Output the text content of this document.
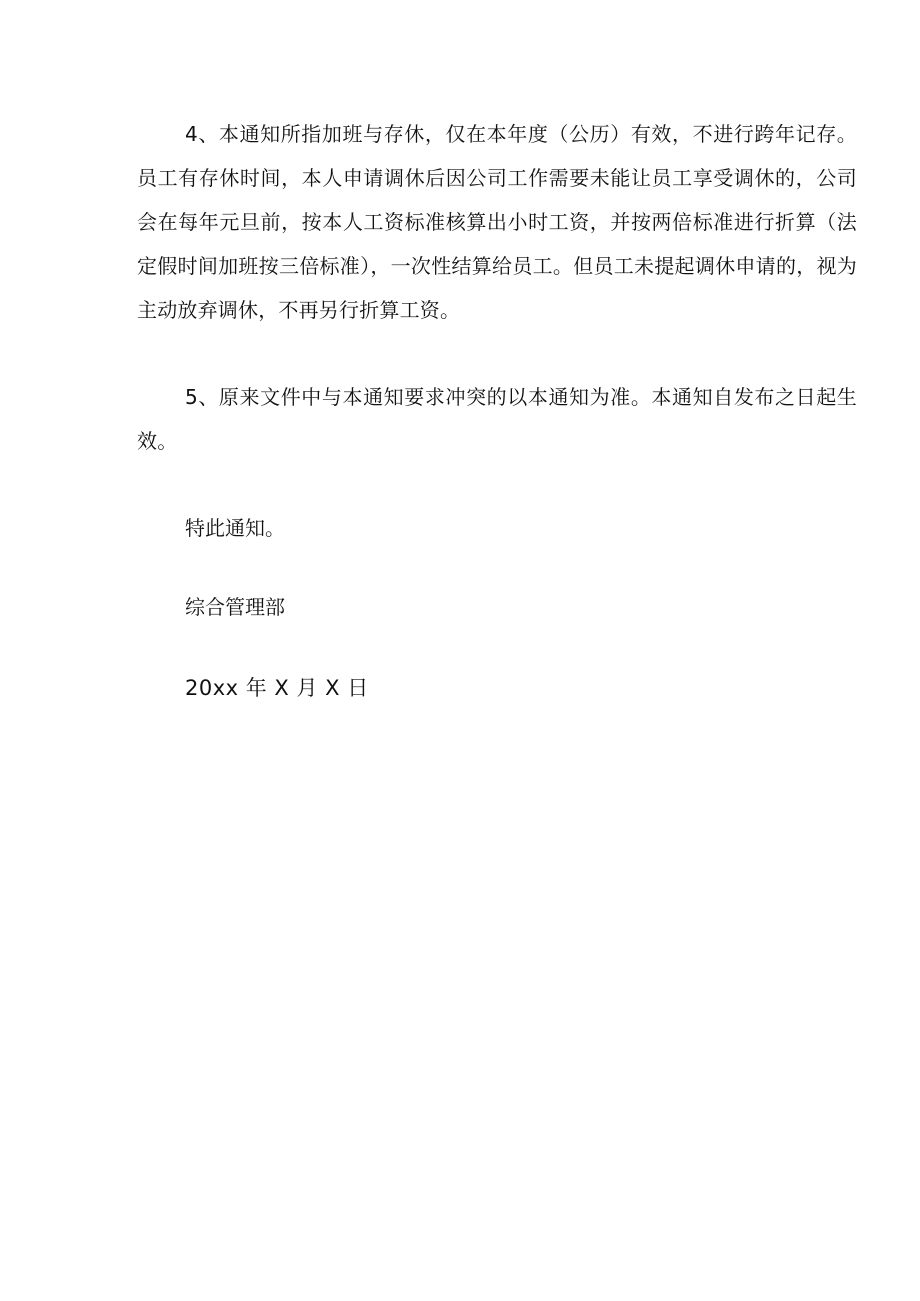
4、本通知所指加班与存休，仅在本年度（公历）有效，不进行跨年记存。员工有存休时间，本人申请调休后因公司工作需要未能让员工享受调休的，公司会在每年元旦前，按本人工资标准核算出小时工资，并按两倍标准进行折算（法定假时间加班按三倍标准），一次性结算给员工。但员工未提起调休申请的，视为主动放弃调休，不再另行折算工资。

5、原来文件中与本通知要求冲突的以本通知为准。本通知自发布之日起生效。

特此通知。

综合管理部

20xx 年 X 月 X 日
